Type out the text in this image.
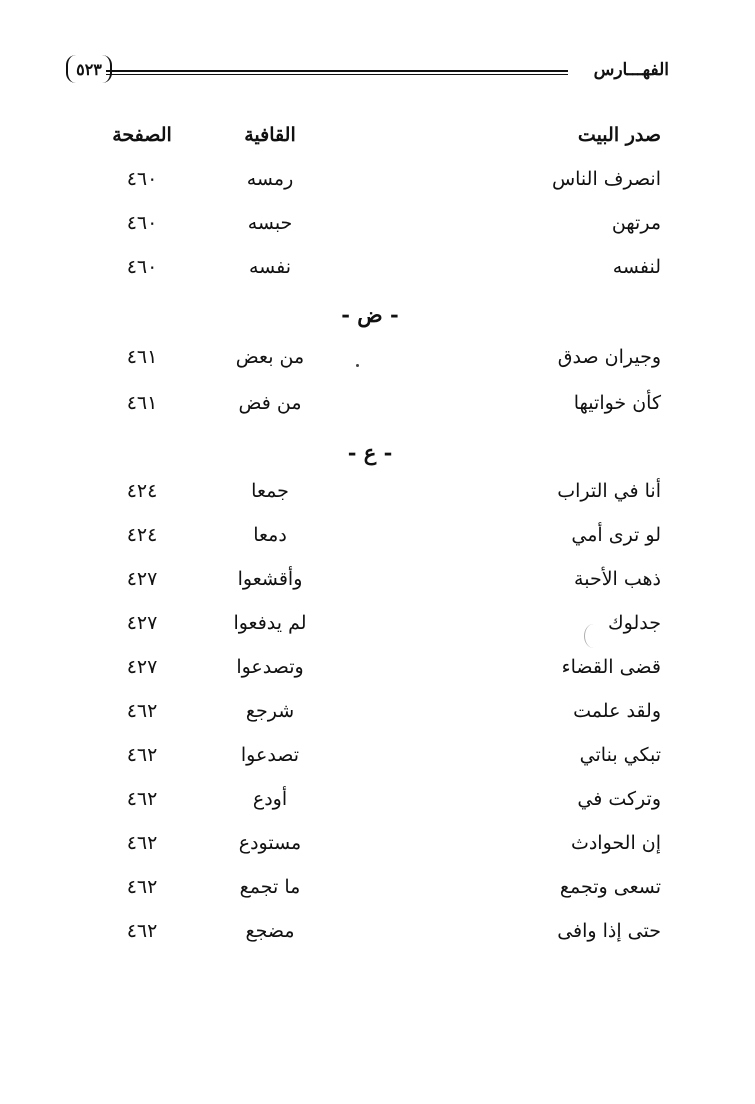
الفهـــارس
٥٢٣
صدر البيت
القافية
الصفحة
انصرف الناس
رمسه
٤٦٠
مرتهن
حبسه
٤٦٠
لنفسه
نفسه
٤٦٠
- ض -
وجيران صدق
من بعض
٤٦١
كأن خواتيها
من فض
٤٦١
- ع -
أنا في التراب
جمعا
٤٢٤
لو ترى أمي
دمعا
٤٢٤
ذهب الأحبة
وأقشعوا
٤٢٧
جدلوك
لم يدفعوا
٤٢٧
قضى القضاء
وتصدعوا
٤٢٧
ولقد علمت
شرجع
٤٦٢
تبكي بناتي
تصدعوا
٤٦٢
وتركت في
أودع
٤٦٢
إن الحوادث
مستودع
٤٦٢
تسعى وتجمع
ما تجمع
٤٦٢
حتى إذا وافى
مضجع
٤٦٢
